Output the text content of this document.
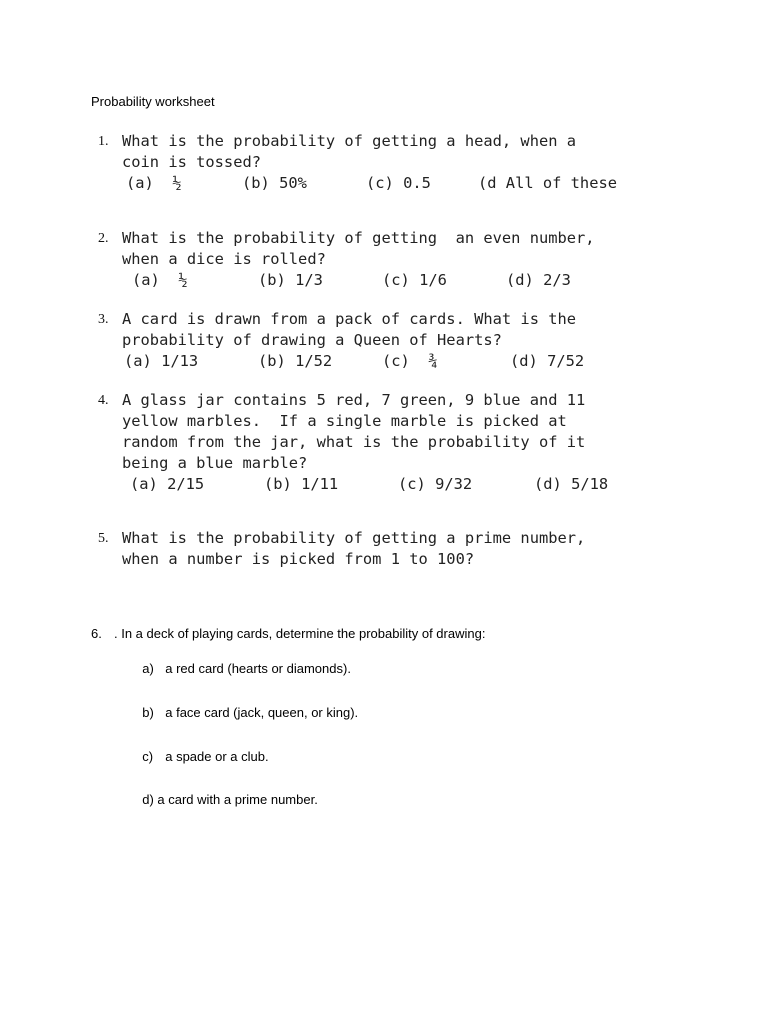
Probability worksheet
1. What is the probability of getting a head, when a
coin is tossed?
(a)  ½	(b) 50%	(c) 0.5	(d All of these
2. What is the probability of getting  an even number,
when a dice is rolled?
(a)  ½	(b) 1/3	(c) 1/6	(d) 2/3
3. A card is drawn from a pack of cards. What is the
probability of drawing a Queen of Hearts?
(a) 1/13	(b) 1/52	(c)  ¾	(d) 7/52
4. A glass jar contains 5 red, 7 green, 9 blue and 11
yellow marbles.  If a single marble is picked at
random from the jar, what is the probability of it
being a blue marble?
(a) 2/15	(b) 1/11	(c) 9/32	(d) 5/18
5. What is the probability of getting a prime number,
when a number is picked from 1 to 100?
6. . In a deck of playing cards, determine the probability of drawing:

a) a red card (hearts or diamonds).

b) a face card (jack, queen, or king).

c) a spade or a club.

d) a card with a prime number.
